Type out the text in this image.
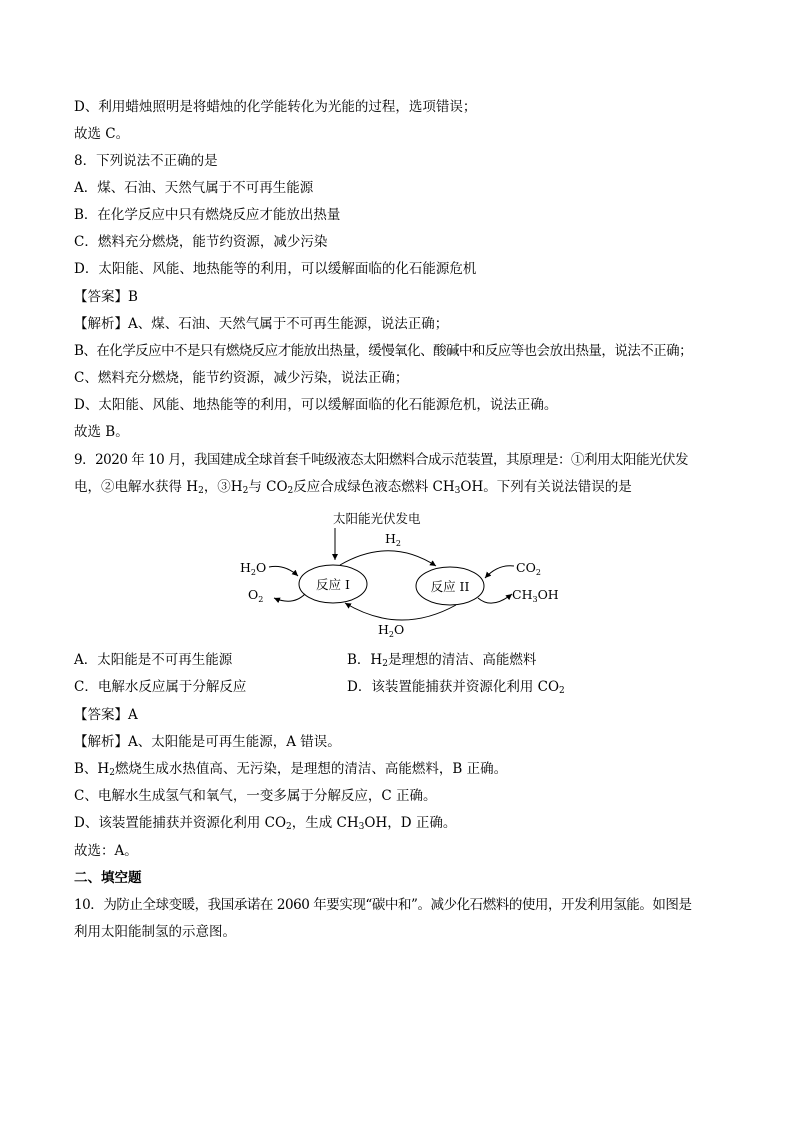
D、利用蜡烛照明是将蜡烛的化学能转化为光能的过程，选项错误；
故选 C。
8．下列说法不正确的是
A．煤、石油、天然气属于不可再生能源
B．在化学反应中只有燃烧反应才能放出热量
C．燃料充分燃烧，能节约资源，减少污染
D．太阳能、风能、地热能等的利用，可以缓解面临的化石能源危机
【答案】B
【解析】A、煤、石油、天然气属于不可再生能源，说法正确；
B、在化学反应中不是只有燃烧反应才能放出热量，缓慢氧化、酸碱中和反应等也会放出热量，说法不正确；
C、燃料充分燃烧，能节约资源，减少污染，说法正确；
D、太阳能、风能、地热能等的利用，可以缓解面临的化石能源危机，说法正确。
故选 B。
9．2020 年 10 月，我国建成全球首套千吨级液态太阳燃料合成示范装置，其原理是：①利用太阳能光伏发
电，②电解水获得 $H_2$，$③H_2$与 $CO_2$反应合成绿色液态燃料 $CH_3OH$。下列有关说法错误的是
太阳能光伏发电
反应 I	反应 II
$H_2$
$H_2O$
$H_2O$
$O_2$
$CO_2$
$CH_3OH$
A．太阳能是不可再生能源	B．$H_2$是理想的清洁、高能燃料
C．电解水反应属于分解反应	D．该装置能捕获并资源化利用 $CO_2$
【答案】A
【解析】A、太阳能是可再生能源，A 错误。
B、$H_2$燃烧生成水热值高、无污染，是理想的清洁、高能燃料，B 正确。
C、电解水生成氢气和氧气，一变多属于分解反应，C 正确。
D、该装置能捕获并资源化利用 $CO_2$，生成 $CH_3OH$，D 正确。
故选：A。
二、填空题
10．为防止全球变暖，我国承诺在 2060 年要实现“碳中和”。减少化石燃料的使用，开发利用氢能。如图是
利用太阳能制氢的示意图。
